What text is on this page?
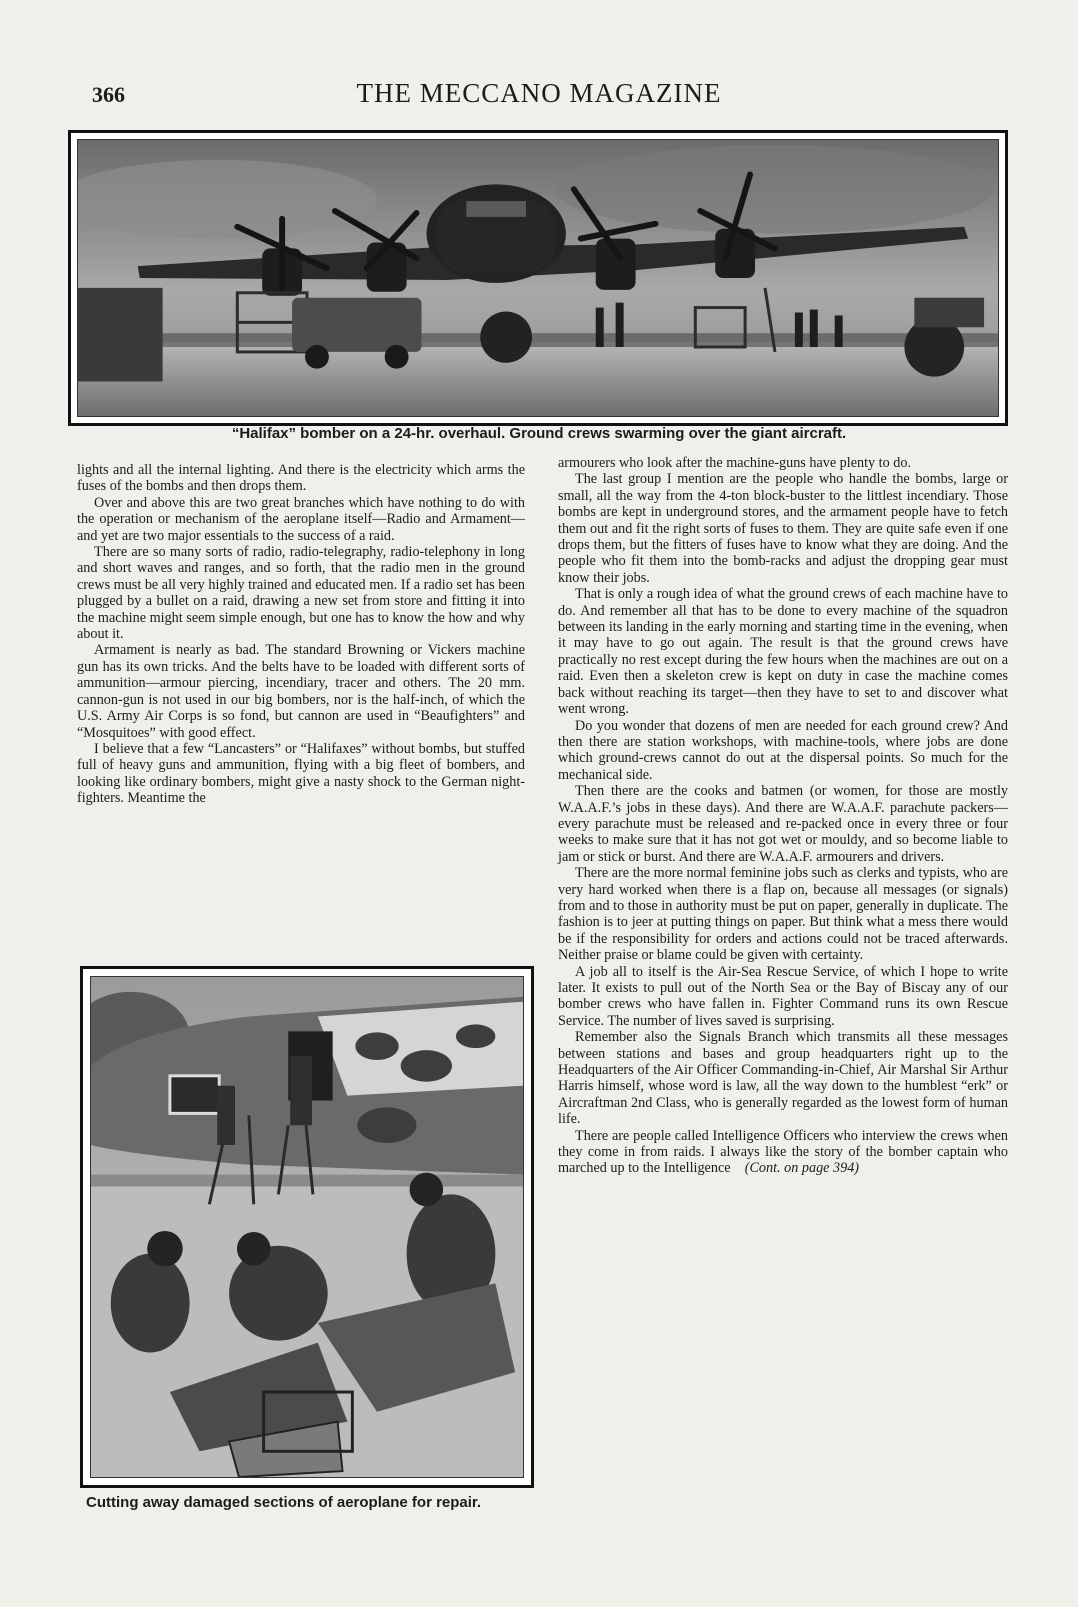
366	THE MECCANO MAGAZINE
“Halifax” bomber on a 24-hr. overhaul. Ground crews swarming over the giant aircraft.

lights and all the internal lighting. And there is the electricity which arms the fuses of the bombs and then drops them.

Over and above this are two great branches which have nothing to do with the operation or mechanism of the aeroplane itself—Radio and Armament—and yet are two major essentials to the success of a raid.

There are so many sorts of radio, radio-telegraphy, radio-telephony in long and short waves and ranges, and so forth, that the radio men in the ground crews must be all very highly trained and educated men. If a radio set has been plugged by a bullet on a raid, drawing a new set from store and fitting it into the machine might seem simple enough, but one has to know the how and why about it.

Armament is nearly as bad. The standard Browning or Vickers machine gun has its own tricks. And the belts have to be loaded with different sorts of ammunition—armour piercing, incendiary, tracer and others. The 20 mm. cannon-gun is not used in our big bombers, nor is the half-inch, of which the U.S. Army Air Corps is so fond, but cannon are used in “Beaufighters” and “Mosquitoes” with good effect.

I believe that a few “Lancasters” or “Halifaxes” without bombs, but stuffed full of heavy guns and ammunition, flying with a big fleet of bombers, and looking like ordinary bombers, might give a nasty shock to the German night-fighters. Meantime the

Cutting away damaged sections of aeroplane for repair.

armourers who look after the machine-guns have plenty to do.

The last group I mention are the people who handle the bombs, large or small, all the way from the 4-ton block-buster to the littlest incendiary. Those bombs are kept in underground stores, and the armament people have to fetch them out and fit the right sorts of fuses to them. They are quite safe even if one drops them, but the fitters of fuses have to know what they are doing. And the people who fit them into the bomb-racks and adjust the dropping gear must know their jobs.

That is only a rough idea of what the ground crews of each machine have to do. And remember all that has to be done to every machine of the squadron between its landing in the early morning and starting time in the evening, when it may have to go out again. The result is that the ground crews have practically no rest except during the few hours when the machines are out on a raid. Even then a skeleton crew is kept on duty in case the machine comes back without reaching its target—then they have to set to and discover what went wrong.

Do you wonder that dozens of men are needed for each ground crew? And then there are station workshops, with machine-tools, where jobs are done which ground-crews cannot do out at the dispersal points. So much for the mechanical side.

Then there are the cooks and batmen (or women, for those are mostly W.A.A.F.’s jobs in these days). And there are W.A.A.F. parachute packers—every parachute must be released and re-packed once in every three or four weeks to make sure that it has not got wet or mouldy, and so become liable to jam or stick or burst. And there are W.A.A.F. armourers and drivers.

There are the more normal feminine jobs such as clerks and typists, who are very hard worked when there is a flap on, because all messages (or signals) from and to those in authority must be put on paper, generally in duplicate. The fashion is to jeer at putting things on paper. But think what a mess there would be if the responsibility for orders and actions could not be traced afterwards. Neither praise or blame could be given with certainty.

A job all to itself is the Air-Sea Rescue Service, of which I hope to write later. It exists to pull out of the North Sea or the Bay of Biscay any of our bomber crews who have fallen in. Fighter Command runs its own Rescue Service. The number of lives saved is surprising.

Remember also the Signals Branch which transmits all these messages between stations and bases and group headquarters right up to the Headquarters of the Air Officer Commanding-in-Chief, Air Marshal Sir Arthur Harris himself, whose word is law, all the way down to the humblest “erk” or Aircraftman 2nd Class, who is generally regarded as the lowest form of human life.

There are people called Intelligence Officers who interview the crews when they come in from raids. I always like the story of the bomber captain who marched up to the Intelligence (Cont. on page 394)
